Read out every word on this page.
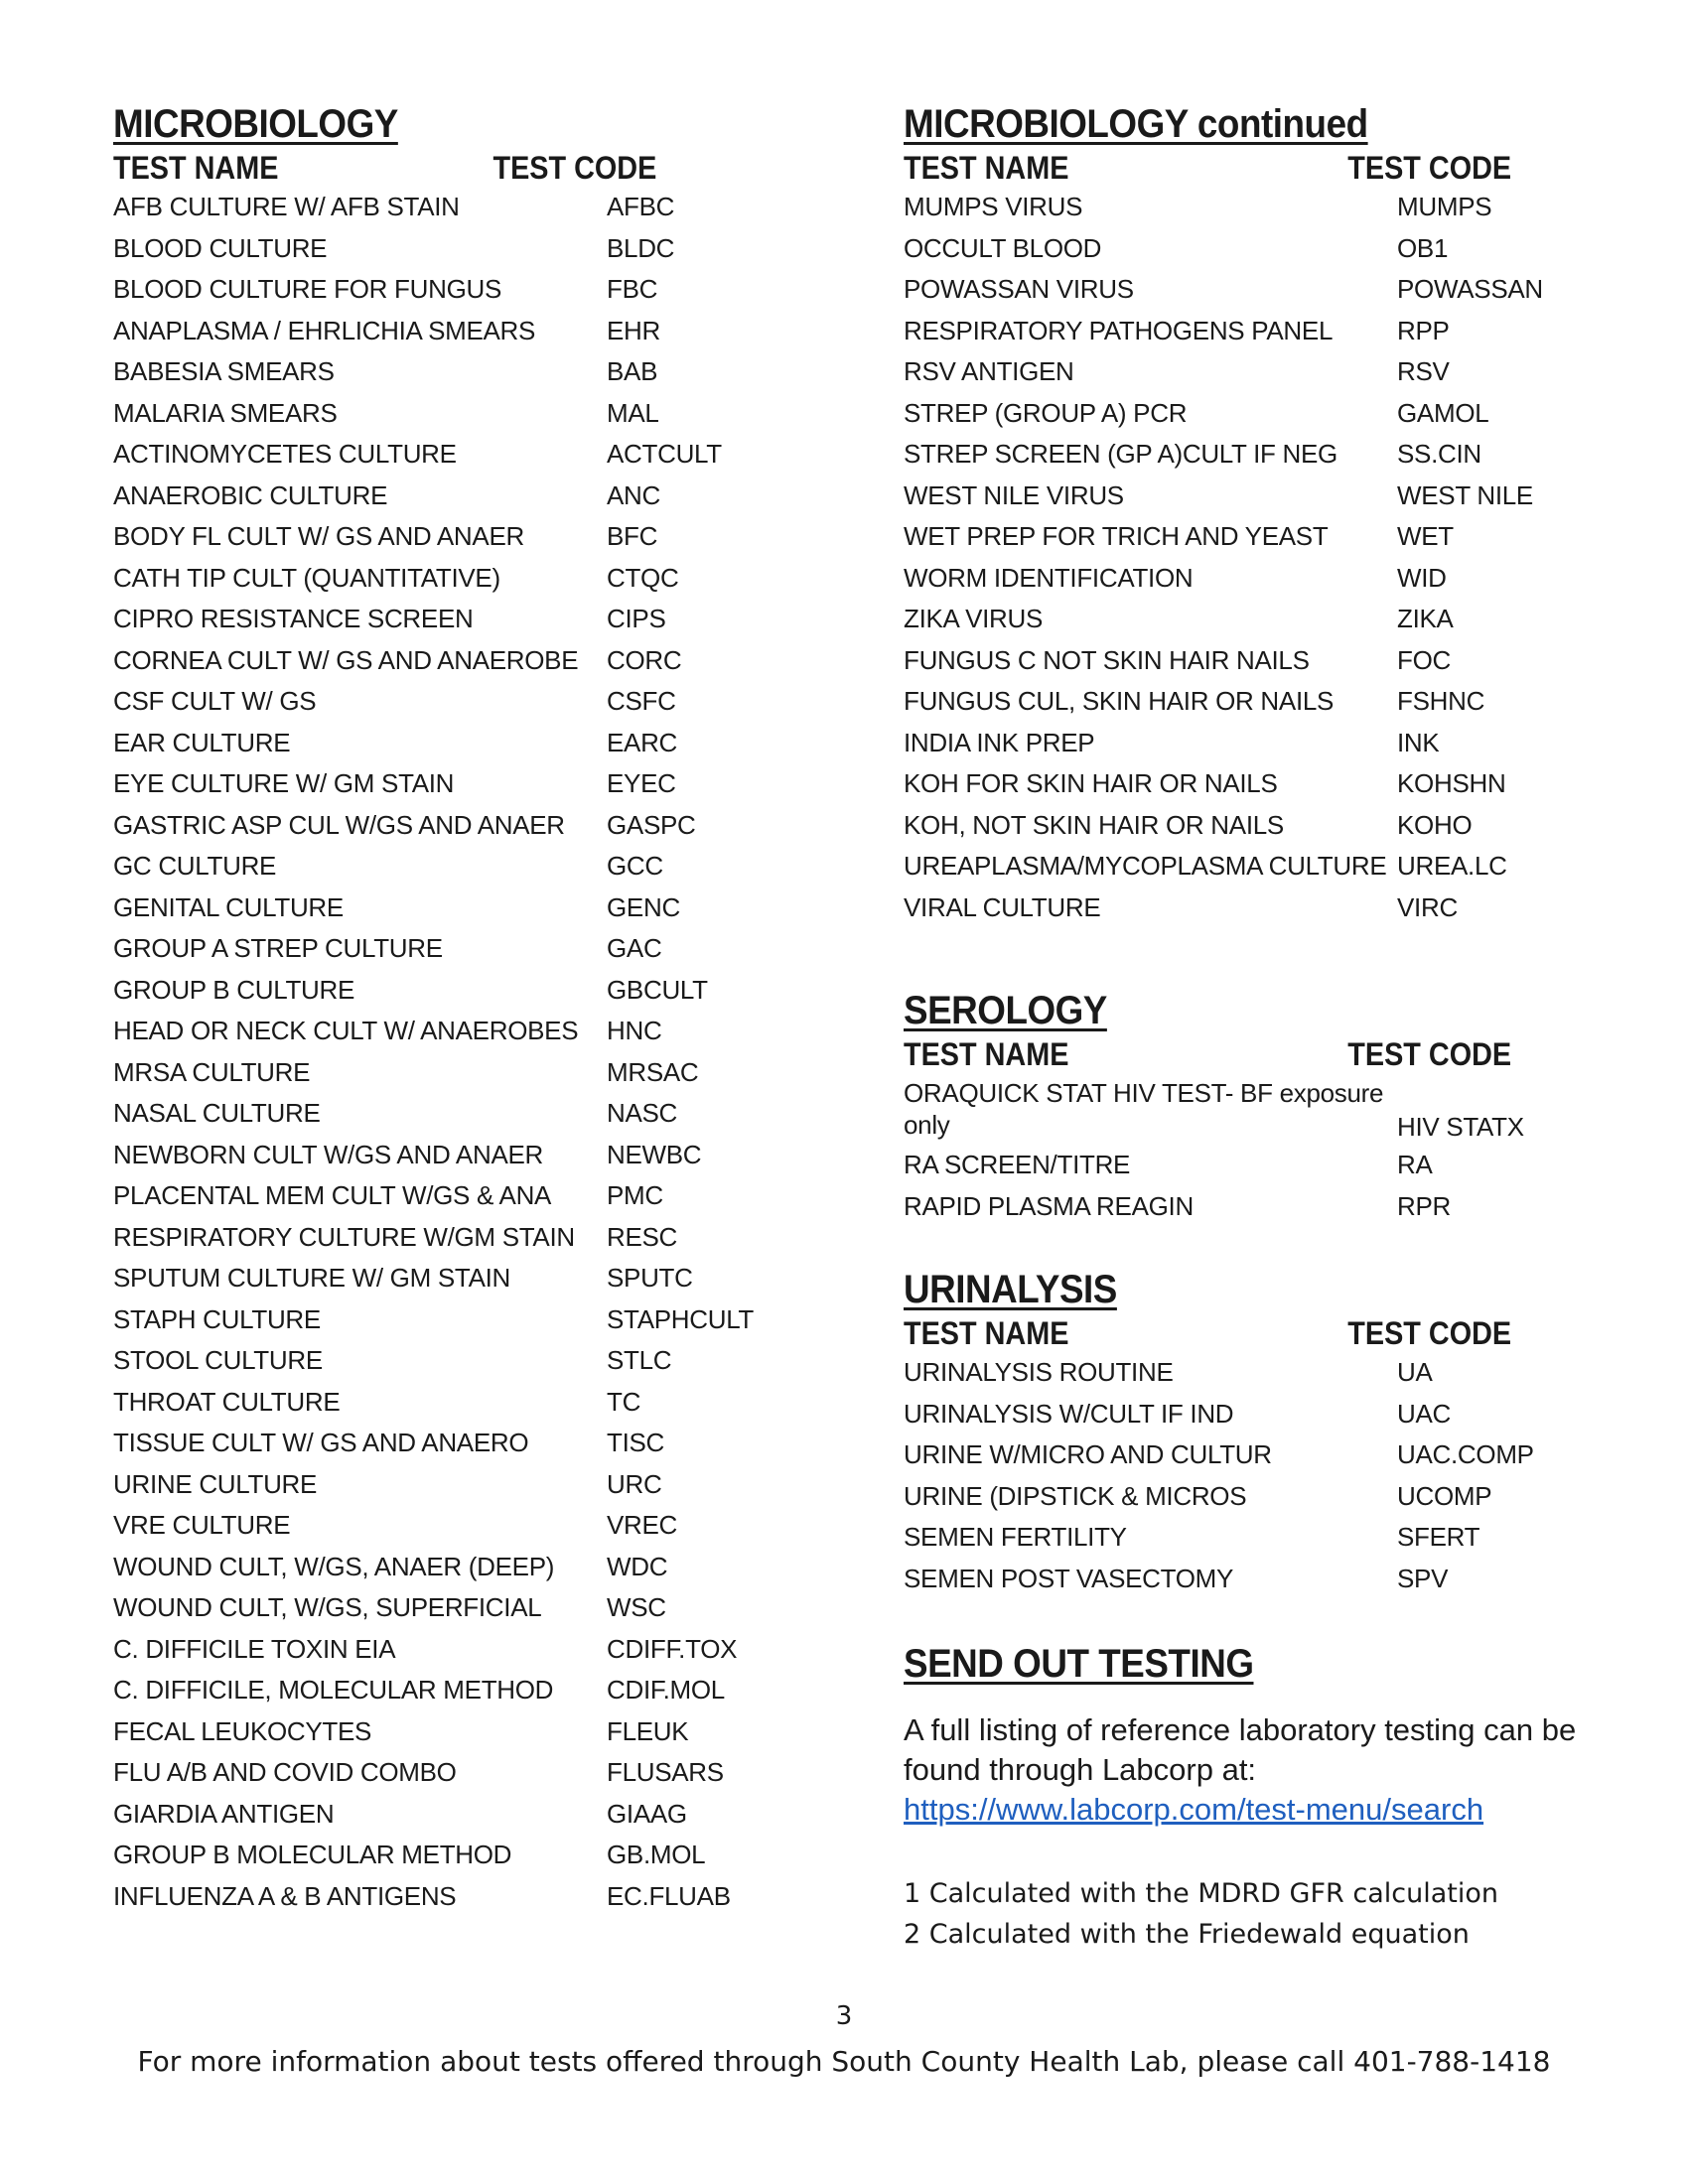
MICROBIOLOGY
TEST NAME	TEST CODE
AFB CULTURE W/ AFB STAIN	AFBC
BLOOD CULTURE	BLDC
BLOOD CULTURE FOR FUNGUS	FBC
ANAPLASMA / EHRLICHIA SMEARS	EHR
BABESIA SMEARS	BAB
MALARIA SMEARS	MAL
ACTINOMYCETES CULTURE	ACTCULT
ANAEROBIC CULTURE	ANC
BODY FL CULT W/ GS AND ANAER	BFC
CATH TIP CULT (QUANTITATIVE)	CTQC
CIPRO RESISTANCE SCREEN	CIPS
CORNEA CULT W/ GS AND ANAEROBE	CORC
CSF CULT W/ GS	CSFC
EAR CULTURE	EARC
EYE CULTURE W/ GM STAIN	EYEC
GASTRIC ASP CUL W/GS AND ANAER	GASPC
GC CULTURE	GCC
GENITAL CULTURE	GENC
GROUP A STREP CULTURE	GAC
GROUP B CULTURE	GBCULT
HEAD OR NECK CULT W/ ANAEROBES	HNC
MRSA CULTURE	MRSAC
NASAL CULTURE	NASC
NEWBORN CULT W/GS AND ANAER	NEWBC
PLACENTAL MEM CULT W/GS & ANA	PMC
RESPIRATORY CULTURE W/GM STAIN	RESC
SPUTUM CULTURE W/ GM STAIN	SPUTC
STAPH CULTURE	STAPHCULT
STOOL CULTURE	STLC
THROAT CULTURE	TC
TISSUE CULT W/ GS AND ANAERO	TISC
URINE CULTURE	URC
VRE CULTURE	VREC
WOUND CULT, W/GS, ANAER (DEEP)	WDC
WOUND CULT, W/GS, SUPERFICIAL	WSC
C. DIFFICILE TOXIN EIA	CDIFF.TOX
C. DIFFICILE, MOLECULAR METHOD	CDIF.MOL
FECAL LEUKOCYTES	FLEUK
FLU A/B AND COVID COMBO	FLUSARS
GIARDIA ANTIGEN	GIAAG
GROUP B MOLECULAR METHOD	GB.MOL
INFLUENZA A & B ANTIGENS	EC.FLUAB
MICROBIOLOGY continued
TEST NAME	TEST CODE
MUMPS VIRUS	MUMPS
OCCULT BLOOD	OB1
POWASSAN VIRUS	POWASSAN
RESPIRATORY PATHOGENS PANEL	RPP
RSV ANTIGEN	RSV
STREP (GROUP A) PCR	GAMOL
STREP SCREEN (GP A)CULT IF NEG	SS.CIN
WEST NILE VIRUS	WEST NILE
WET PREP FOR TRICH AND YEAST	WET
WORM IDENTIFICATION	WID
ZIKA VIRUS	ZIKA
FUNGUS C NOT SKIN HAIR NAILS	FOC
FUNGUS CUL, SKIN HAIR OR NAILS	FSHNC
INDIA INK PREP	INK
KOH FOR SKIN HAIR OR NAILS	KOHSHN
KOH, NOT SKIN HAIR OR NAILS	KOHO
UREAPLASMA/MYCOPLASMA CULTURE UREA.LC
VIRAL CULTURE	VIRC
SEROLOGY
TEST NAME	TEST CODE
ORAQUICK STAT HIV TEST- BF exposure only	HIV STATX
RA SCREEN/TITRE	RA
RAPID PLASMA REAGIN	RPR
URINALYSIS
TEST NAME	TEST CODE
URINALYSIS ROUTINE	UA
URINALYSIS W/CULT IF IND	UAC
URINE W/MICRO AND CULTUR	UAC.COMP
URINE (DIPSTICK & MICROS	UCOMP
SEMEN FERTILITY	SFERT
SEMEN POST VASECTOMY	SPV
SEND OUT TESTING
A full listing of reference laboratory testing can be found through Labcorp at:
https://www.labcorp.com/test-menu/search
1 Calculated with the MDRD GFR calculation
2 Calculated with the Friedewald equation
3
For more information about tests offered through South County Health Lab, please call 401-788-1418
